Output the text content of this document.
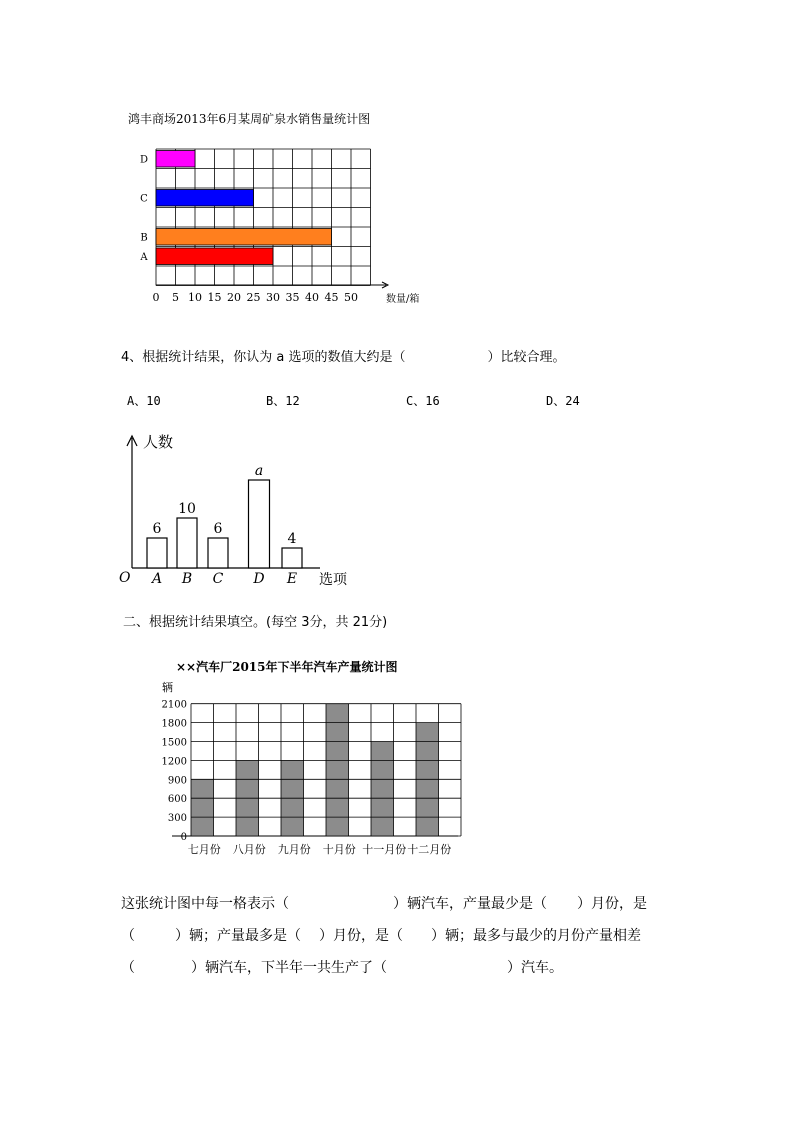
鸿丰商场2013年6月某周矿泉水销售量统计图
A
B
C
D
0 5 10 15 20 25 30 35 40 45 50	数量/箱
4、根据统计结果，你认为 a 选项的数值大约是（	）比较合理。
A、10	B、12	C、16	D、24
人数
O	选项
6
A
10
B
6
C
a
D
4
E
二、根据统计结果填空。(每空 3分，共 21分)
××汽车厂2015年下半年汽车产量统计图
辆
0
300
600
900
1200
1500
1800
2100
七月份 八月份 九月份 十月份 十一月份 十二月份
这张统计图中每一格表示（	）辆汽车，产量最少是（ ）月份，是
（	）辆；产量最多是（ ）月份，是（ ）辆；最多与最少的月份产量相差
（	）辆汽车，下半年一共生产了（	）汽车。
